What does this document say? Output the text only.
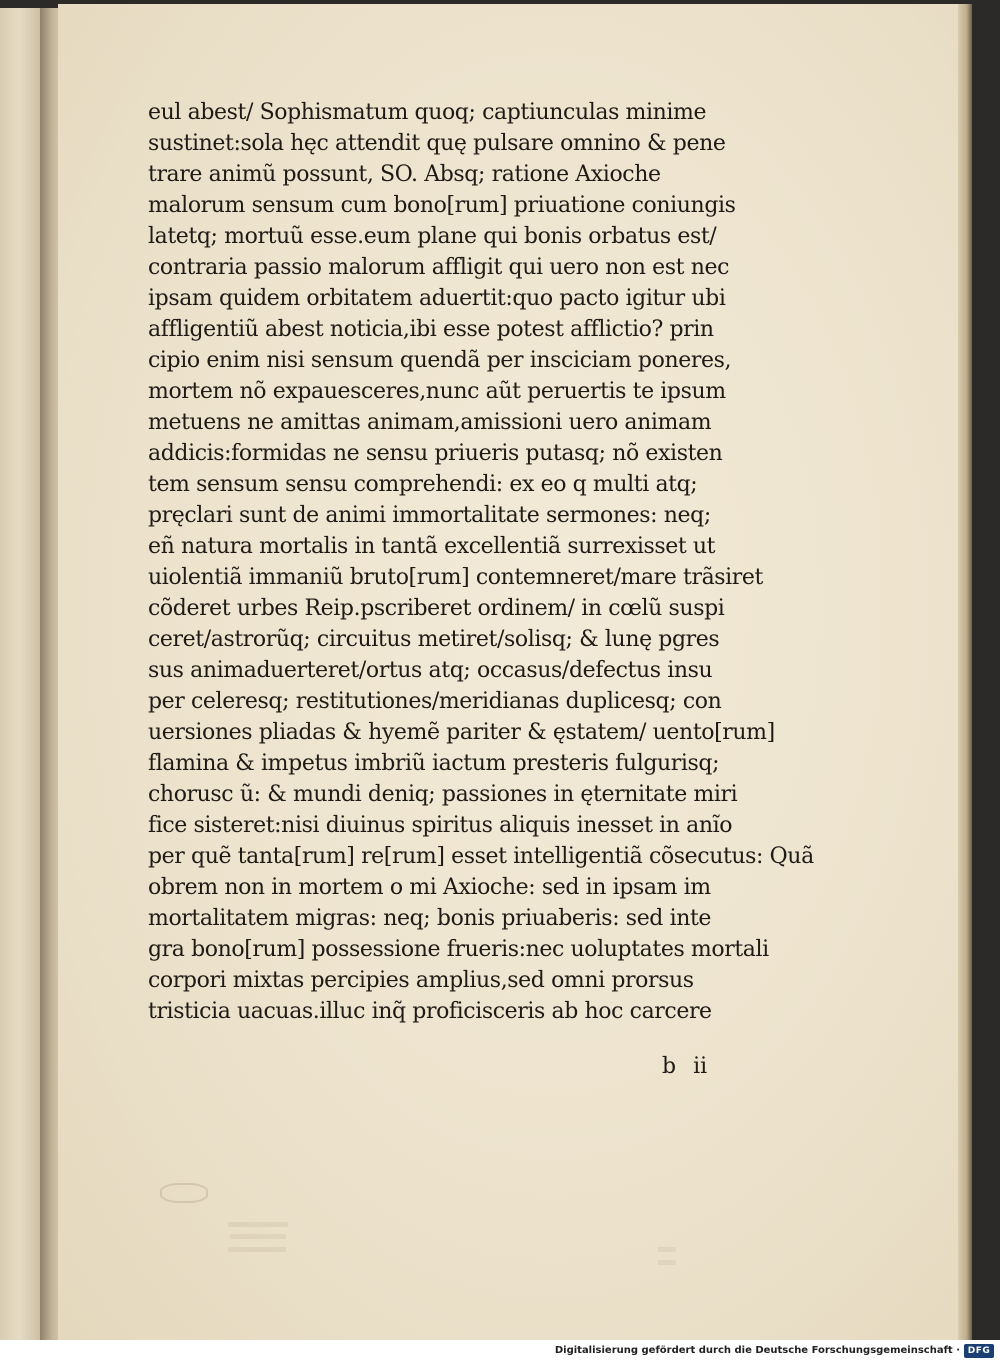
eul abest/ Sophismatum quoq; captiunculas minime
sustinet:sola hęc attendit quę pulsare omnino & pene
trare animũ possunt, SO. Absq; ratione Axioche
malorum sensum cum bono[rum] priuatione coniungis
latetq; mortuũ esse.eum plane qui bonis orbatus est/
contraria passio malorum affligit qui uero non est nec
ipsam quidem orbitatem aduertit:quo pacto igitur ubi
affligentiũ abest noticia,ibi esse potest afflictio? prin
cipio enim nisi sensum quendã per insciciam poneres,
mortem nõ expauesceres,nunc aũt peruertis te ipsum
metuens ne amittas animam,amissioni uero animam
addicis:formidas ne sensu priueris putasq; nõ existen
tem sensum sensu comprehendi: ex eo q multi atq;
pręclari sunt de animi immortalitate sermones: neq;
eñ natura mortalis in tantã excellentiã surrexisset ut
uiolentiã immaniũ bruto[rum] contemneret/mare trãsiret
cõderet urbes Reip.pscriberet ordinem/ in cœlũ suspi
ceret/astrorũq; circuitus metiret/solisq; & lunę pgres
sus animaduerteret/ortus atq; occasus/defectus insu
per celeresq; restitutiones/meridianas duplicesq; con
uersiones pliadas & hyemẽ pariter & ęstatem/ uento[rum]
flamina & impetus imbriũ iactum presteris fulgurisq;
chorusc ũ: & mundi deniq; passiones in ęternitate miri
fice sisteret:nisi diuinus spiritus aliquis inesset in anĩo
per quẽ tanta[rum] re[rum] esset intelligentiã cõsecutus: Quã
obrem non in mortem o mi Axioche: sed in ipsam im
mortalitatem migras: neq; bonis priuaberis: sed inte
gra bono[rum] possessione frueris:nec uoluptates mortali
corpori mixtas percipies amplius,sed omni prorsus
tristicia uacuas.illuc inq̃ proficisceris ab hoc carcere
b ii
Digitalisierung gefördert durch die Deutsche Forschungsgemeinschaft · DFG
